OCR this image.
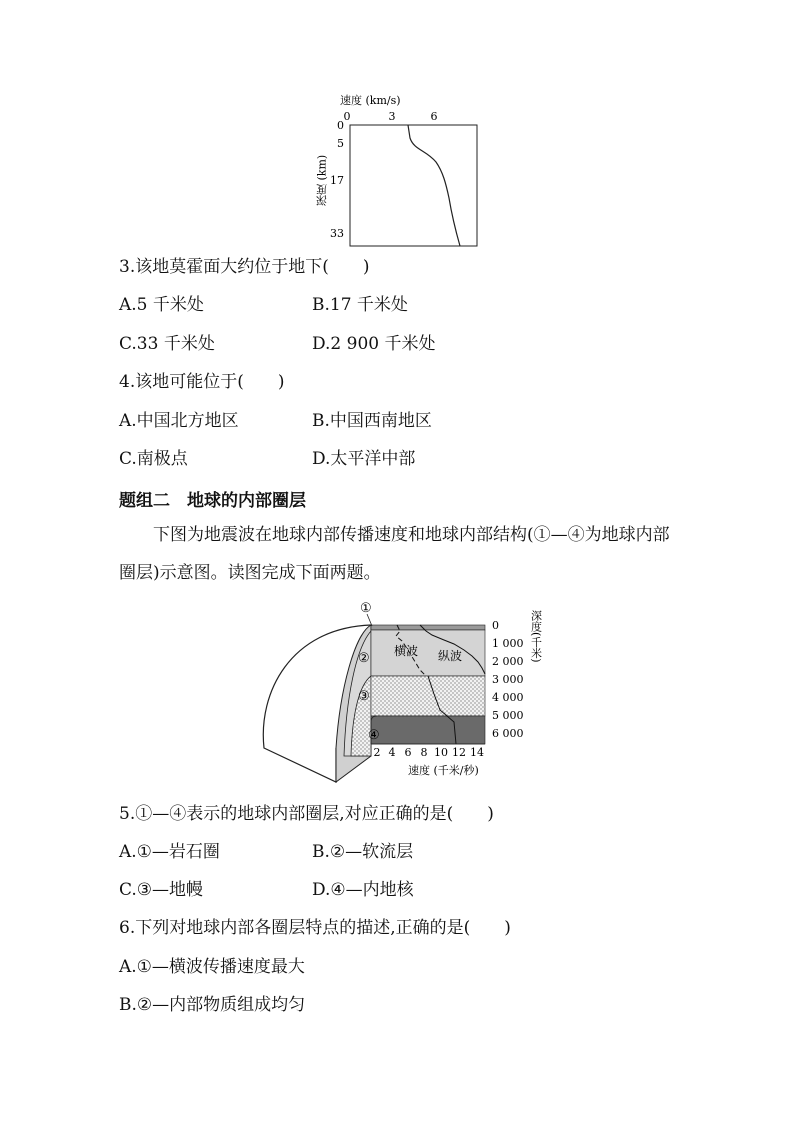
速度 (km/s)
0	3	6
0
5
17
33
深度 (km)
3.该地莫霍面大约位于地下(　　)
A.5 千米处	B.17 千米处
C.33 千米处	D.2 900 千米处
4.该地可能位于(　　)
A.中国北方地区	B.中国西南地区
C.南极点	D.太平洋中部
题组二　地球的内部圈层
下图为地震波在地球内部传播速度和地球内部结构(①—④为地球内部圈层)示意图。读图完成下面两题。
①
②
③
④
横波 纵波
0
1 000
2 000
3 000
4 000
5 000
6 000
深度(千米)
2 4 6 8 10 12 14
速度 (千米/秒)
5.①—④表示的地球内部圈层,对应正确的是(　　)
A.①—岩石圈	B.②—软流层
C.③—地幔	D.④—内地核
6.下列对地球内部各圈层特点的描述,正确的是(　　)
A.①—横波传播速度最大
B.②—内部物质组成均匀
